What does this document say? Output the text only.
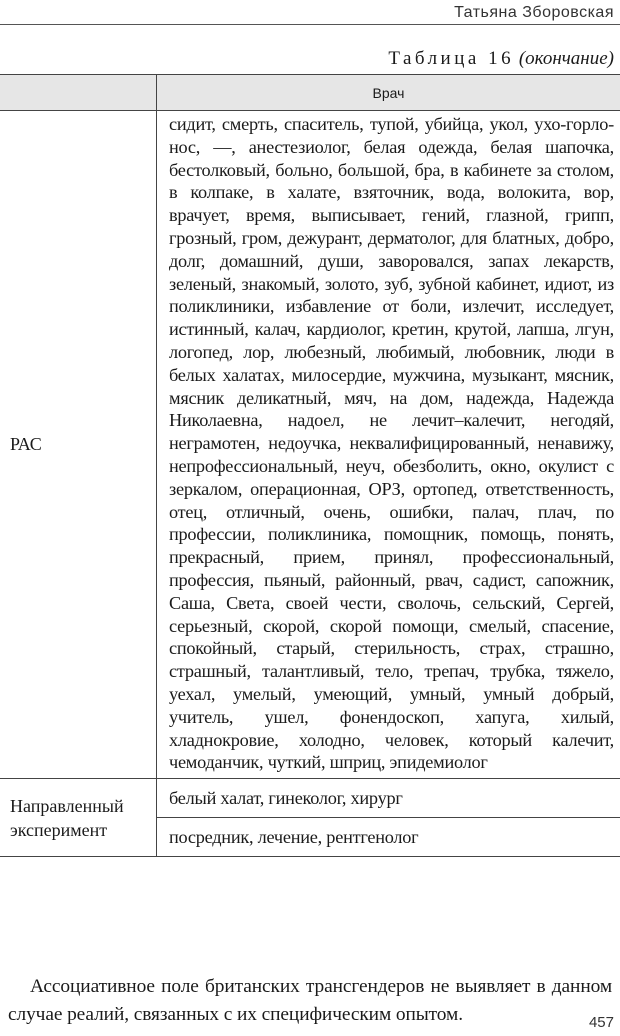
Татьяна Зборовская
Таблица 16 (окончание)
	Врач
РАС	сидит, смерть, спаситель, тупой, убийца, укол, ухо-горло-нос, —, анестезиолог, белая одежда, белая шапочка, бестолковый, больно, большой, бра, в кабинете за столом, в колпаке, в халате, взяточник, вода, волокита, вор, врачует, время, выписывает, гений, глазной, грипп, грозный, гром, дежурант, дерматолог, для блатных, добро, долг, домашний, души, заворовался, запах лекарств, зеленый, знакомый, золото, зуб, зубной кабинет, идиот, из поликлиники, избавление от боли, излечит, исследует, истинный, калач, кардиолог, кретин, крутой, лапша, лгун, логопед, лор, любезный, любимый, любовник, люди в белых халатах, милосердие, мужчина, музыкант, мясник, мясник деликатный, мяч, на дом, надежда, Надежда Николаевна, надоел, не лечит–калечит, негодяй, неграмотен, недоучка, неквалифицированный, ненавижу, непрофессиональный, неуч, обезболить, окно, окулист с зеркалом, операционная, ОРЗ, ортопед, ответственность, отец, отличный, очень, ошибки, палач, плач, по профессии, поликлиника, помощник, помощь, понять, прекрасный, прием, принял, профессиональный, профессия, пьяный, районный, рвач, садист, сапожник, Саша, Света, своей чести, сволочь, сельский, Сергей, серьезный, скорой, скорой помощи, смелый, спасение, спокойный, старый, стерильность, страх, страшно, страшный, талантливый, тело, трепач, трубка, тяжело, уехал, умелый, умеющий, умный, умный добрый, учитель, ушел, фонендоскоп, хапуга, хилый, хладнокровие, холодно, человек, который калечит, чемоданчик, чуткий, шприц, эпидемиолог
Направленный
эксперимент	белый халат, гинеколог, хирург
	посредник, лечение, рентгенолог

Ассоциативное поле британских трансгендеров не выявляет в данном случае реалий, связанных с их специфическим опытом.	457
